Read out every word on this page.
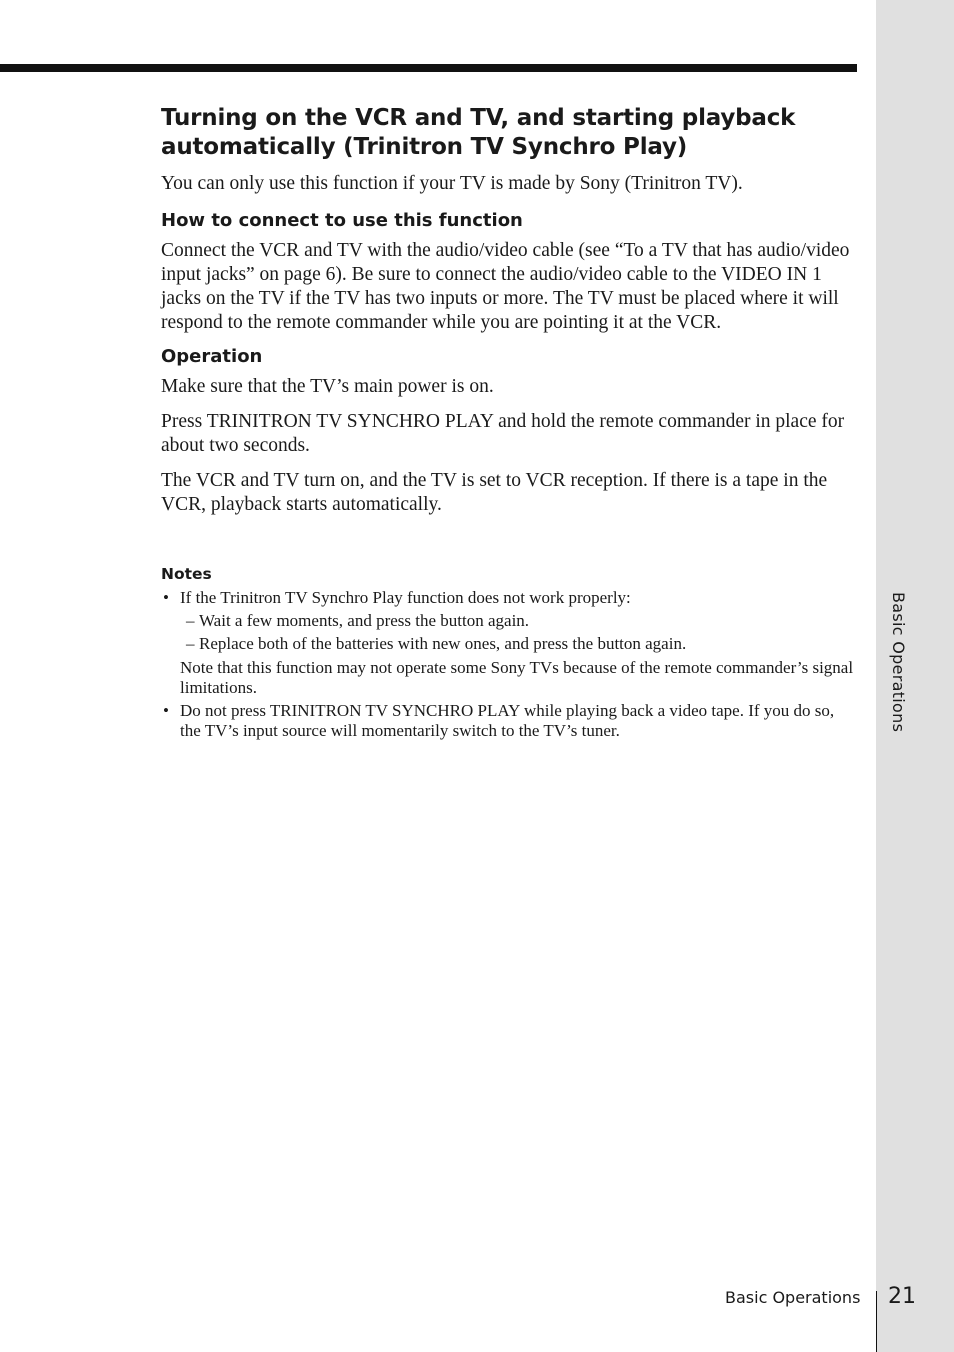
Basic Operations
Turning on the VCR and TV, and starting playback automatically (Trinitron TV Synchro Play)

You can only use this function if your TV is made by Sony (Trinitron TV).

How to connect to use this function

Connect the VCR and TV with the audio/video cable (see “To a TV that has audio/video input jacks” on page 6). Be sure to connect the audio/video cable to the VIDEO IN 1 jacks on the TV if the TV has two inputs or more. The TV must be placed where it will respond to the remote commander while you are pointing it at the VCR.

Operation

Make sure that the TV’s main power is on.

Press TRINITRON TV SYNCHRO PLAY and hold the remote commander in place for about two seconds.

The VCR and TV turn on, and the TV is set to VCR reception. If there is a tape in the VCR, playback starts automatically.

Notes
• If the Trinitron TV Synchro Play function does not work properly:

– Wait a few moments, and press the button again.
– Replace both of the batteries with new ones, and press the button again.

Note that this function may not operate some Sony TVs because of the remote commander’s signal limitations.

• Do not press TRINITRON TV SYNCHRO PLAY while playing back a video tape. If you do so, the TV’s input source will momentarily switch to the TV’s tuner.

Basic Operations 21
